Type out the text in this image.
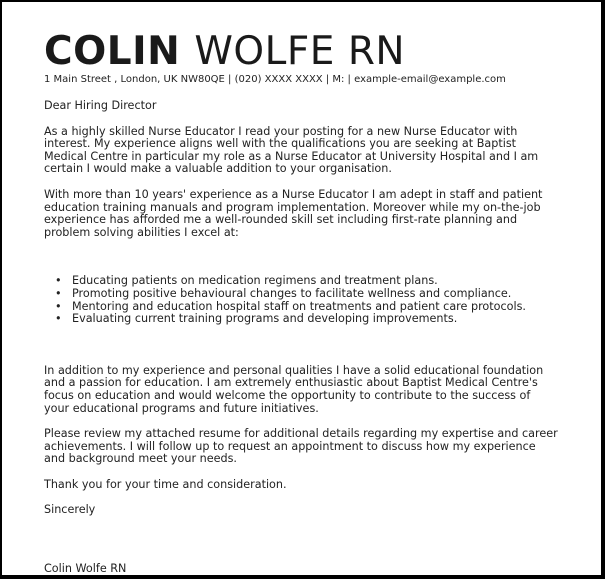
COLIN WOLFE RN
1 Main Street , London, UK NW80QE | (020) XXXX XXXX | M: | example-email@example.com

Dear Hiring Director

As a highly skilled Nurse Educator I read your posting for a new Nurse Educator with interest. My experience aligns well with the qualifications you are seeking at Baptist Medical Centre in particular my role as a Nurse Educator at University Hospital and I am certain I would make a valuable addition to your organisation.

With more than 10 years' experience as a Nurse Educator I am adept in staff and patient education training manuals and program implementation. Moreover while my on-the-job experience has afforded me a well-rounded skill set including first-rate planning and problem solving abilities I excel at:

• Educating patients on medication regimens and treatment plans.
• Promoting positive behavioural changes to facilitate wellness and compliance.
• Mentoring and education hospital staff on treatments and patient care protocols.
• Evaluating current training programs and developing improvements.

In addition to my experience and personal qualities I have a solid educational foundation and a passion for education. I am extremely enthusiastic about Baptist Medical Centre's focus on education and would welcome the opportunity to contribute to the success of your educational programs and future initiatives.

Please review my attached resume for additional details regarding my expertise and career achievements. I will follow up to request an appointment to discuss how my experience and background meet your needs.

Thank you for your time and consideration.

Sincerely

Colin Wolfe RN
